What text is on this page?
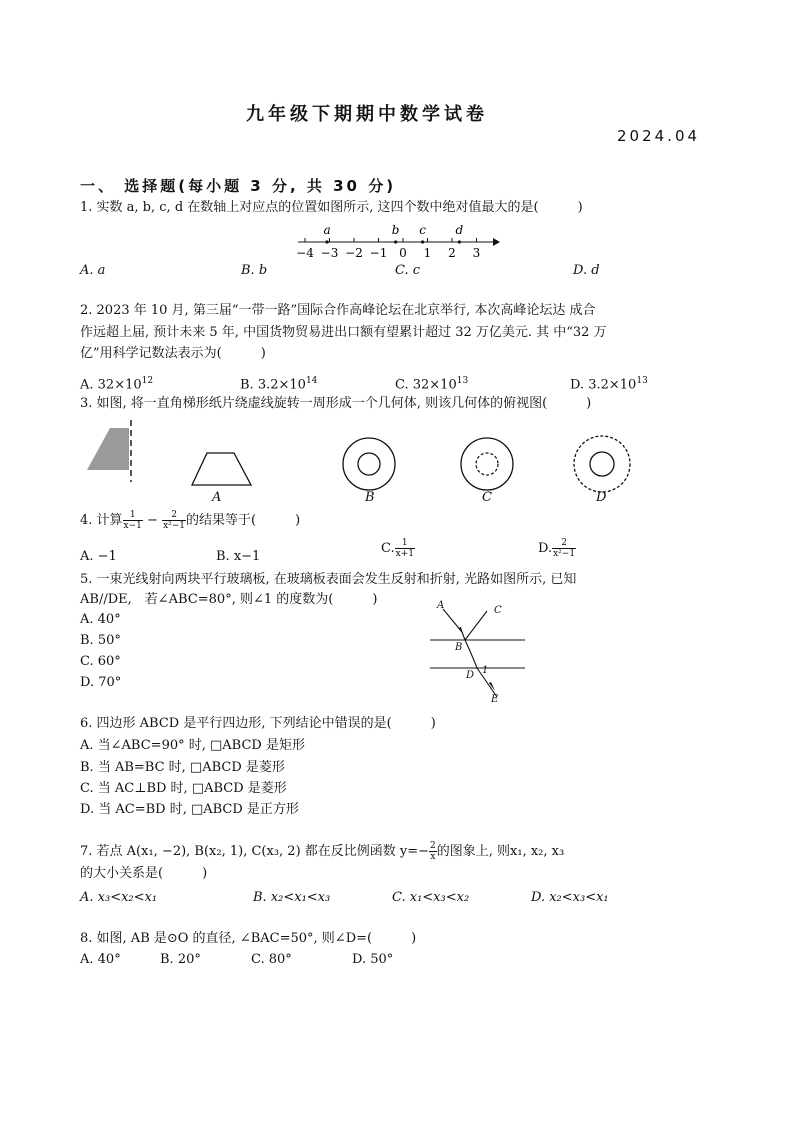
九年级下期期中数学试卷
2024.04
一、 选择题(每小题 3 分, 共 30 分)
1. 实数 a, b, c, d 在数轴上对应点的位置如图所示, 这四个数中绝对值最大的是(　　　)
−4 −3 −2 −1 0 1 2 3
a	b c d
A. a	B. b	C. c	D. d
2. 2023 年 10 月, 第三届“一带一路”国际合作高峰论坛在北京举行, 本次高峰论坛达 成合
作远超上届, 预计未来 5 年, 中国货物贸易进出口额有望累计超过 32 万亿美元. 其 中“32 万
亿”用科学记数法表示为(　　　)
A. $32\times 10^{12}$	B. $3.2\times 10^{14}$	C. $32\times 10^{13}$	D. $3.2\times 10^{13}$
3. 如图, 将一直角梯形纸片绕虚线旋转一周形成一个几何体, 则该几何体的俯视图(　　　)
A	B	C	D
4. 计算 $\frac{1}{x-1} - \frac{2}{\text{x²−1}}$ 的结果等于(　　　)
A. −1	B. x−1
C. $\frac{1}{x+1}$	D. $\frac{2}{\text{x²−1}}$
5. 一束光线射向两块平行玻璃板, 在玻璃板表面会发生反射和折射, 光路如图所示, 已知
AB//DE,　若∠ABC=80°, 则∠1 的度数为(　　　)
A. 40°
B. 50°
C. 60°
D. 70°
A	C
B
1
D
E
6. 四边形 ABCD 是平行四边形, 下列结论中错误的是(　　　)
A. 当∠ABC=90° 时, □ABCD 是矩形
B. 当 AB=BC 时, □ABCD 是菱形
C. 当 AC⊥BD 时, □ABCD 是菱形
D. 当 AC=BD 时, □ABCD 是正方形
7. 若点 A(x₁, −2), B(x₂, 1), C(x₃, 2) 都在反比例函数 $y=- \frac{2}{x}$ 的图象上, 则x₁, x₂, x₃
的大小关系是(　　　)
A. x₃<x₂<x₁	B. x₂<x₁<x₃	C. x₁<x₃<x₂	D. x₂<x₃<x₁
8. 如图, AB 是⊙O 的直径, ∠BAC=50°, 则∠D=(　　　)
A. 40°	B. 20°	C. 80°	D. 50°
